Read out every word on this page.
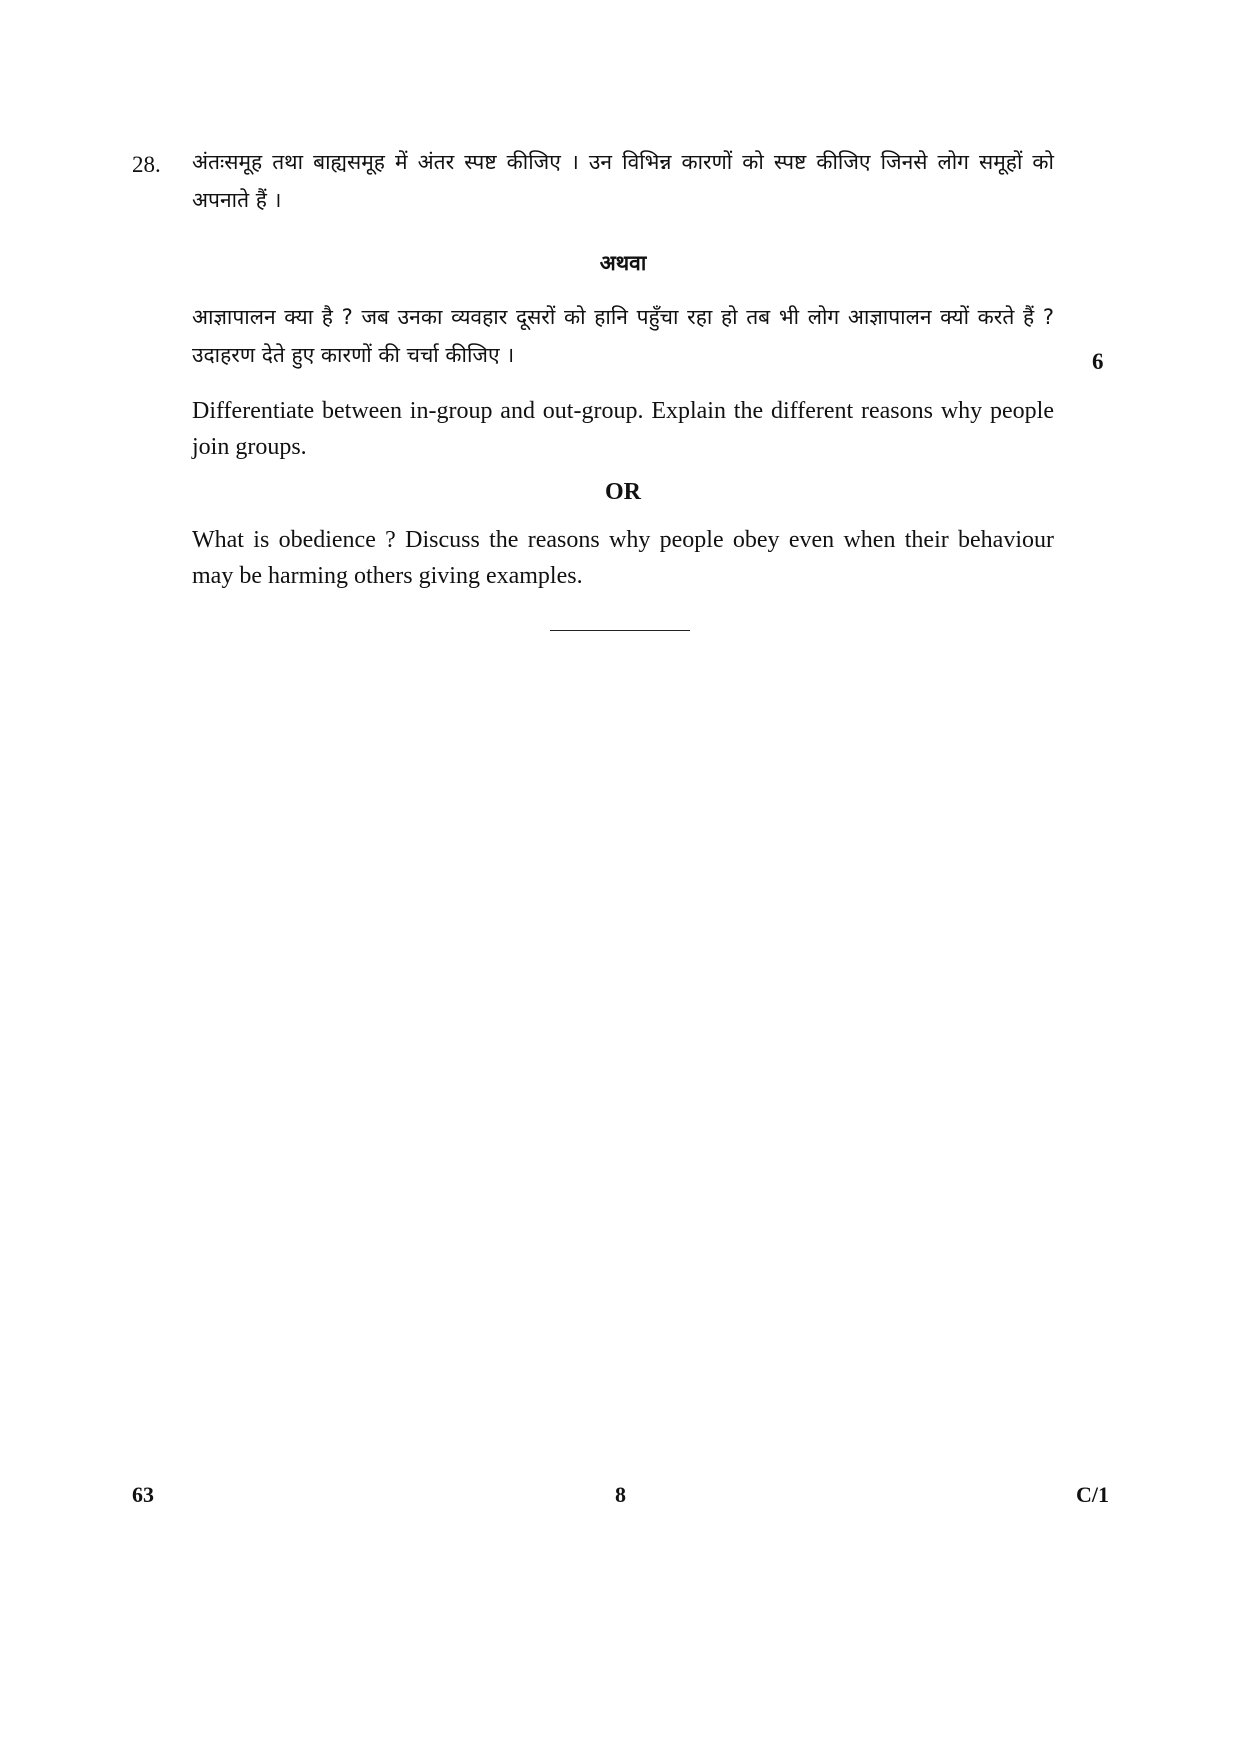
28. अंतःसमूह तथा बाह्यसमूह में अंतर स्पष्ट कीजिए । उन विभिन्न कारणों को स्पष्ट कीजिए जिनसे लोग समूहों को अपनाते हैं ।
अथवा
आज्ञापालन क्या है ? जब उनका व्यवहार दूसरों को हानि पहुँचा रहा हो तब भी लोग आज्ञापालन क्यों करते हैं ? उदाहरण देते हुए कारणों की चर्चा कीजिए ।	6
Differentiate between in-group and out-group. Explain the different reasons why people join groups.
OR
What is obedience ? Discuss the reasons why people obey even when their behaviour may be harming others giving examples.
63	8	C/1
